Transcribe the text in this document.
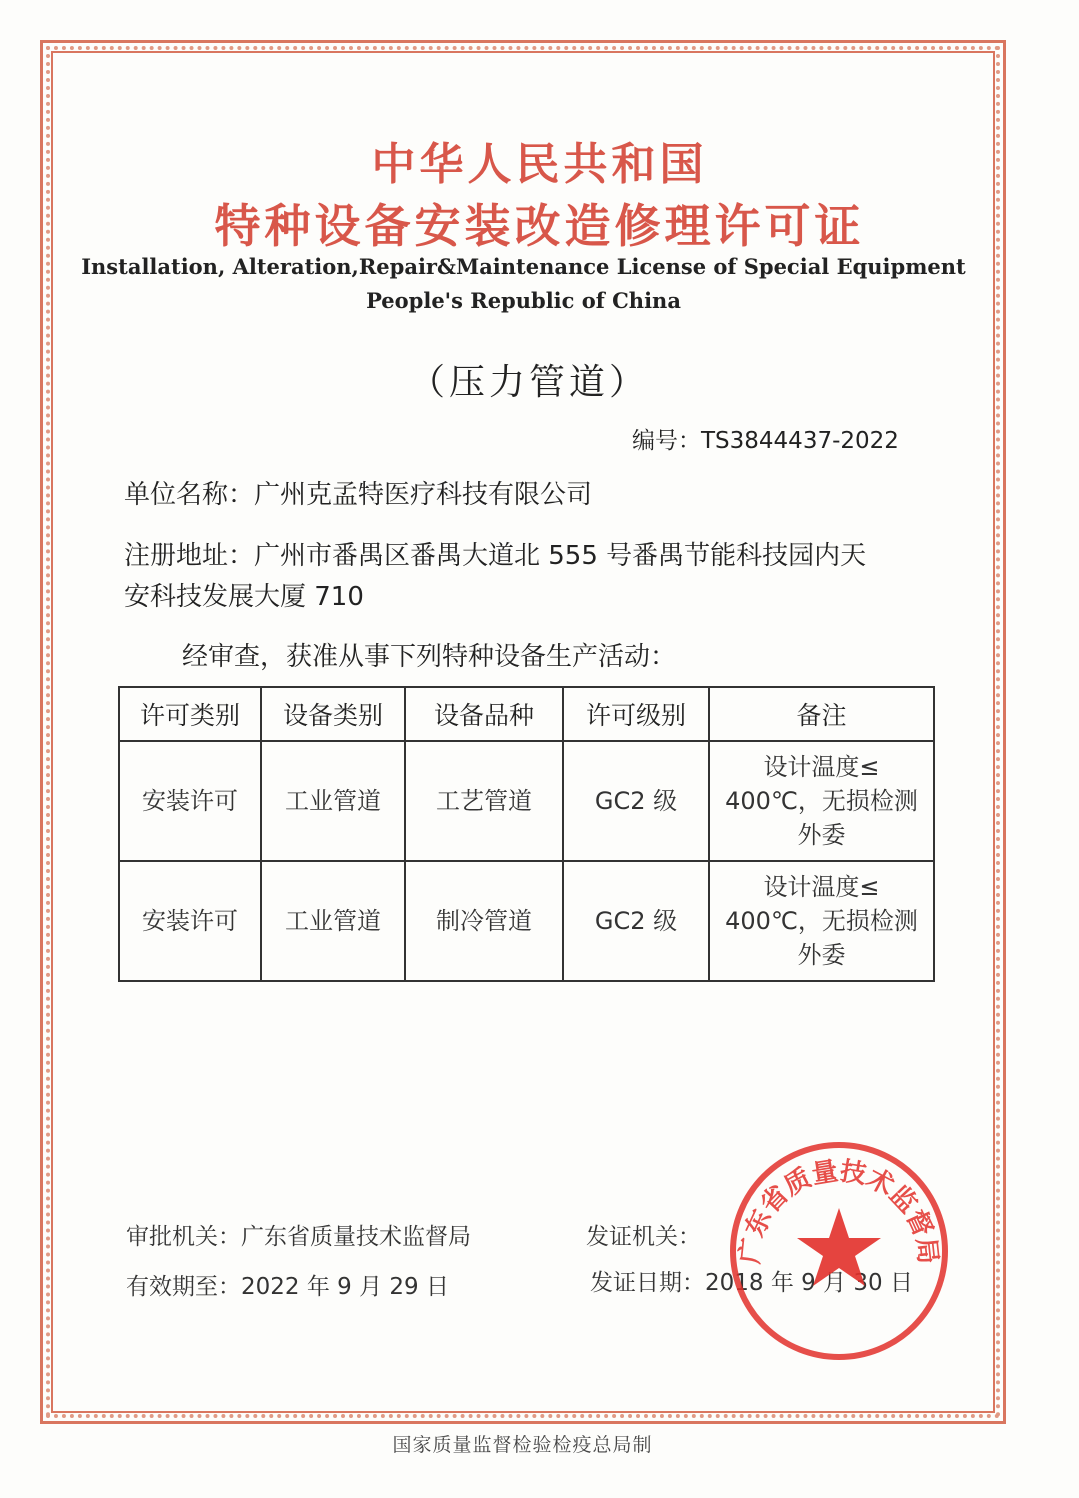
中华人民共和国
特种设备安装改造修理许可证
Installation, Alteration,Repair&Maintenance License of Special Equipment
People's Republic of China
（压力管道）
编号：TS3844437-2022
单位名称：广州克孟特医疗科技有限公司
注册地址：广州市番禺区番禺大道北 555 号番禺节能科技园内天
安科技发展大厦 710
经审查，获准从事下列特种设备生产活动：
许可类别	设备类别	设备品种	许可级别	备注
安装许可	工业管道	工艺管道	GC2 级	设计温度≤
400℃，无损检测
外委

安装许可	工业管道	制冷管道	GC2 级	设计温度≤
400℃，无损检测
外委
审批机关：广东省质量技术监督局
有效期至：2022 年 9 月 29 日
发证机关：
发证日期：2018 年 9 月 30 日
广东省质量技术监督局
国家质量监督检验检疫总局制
